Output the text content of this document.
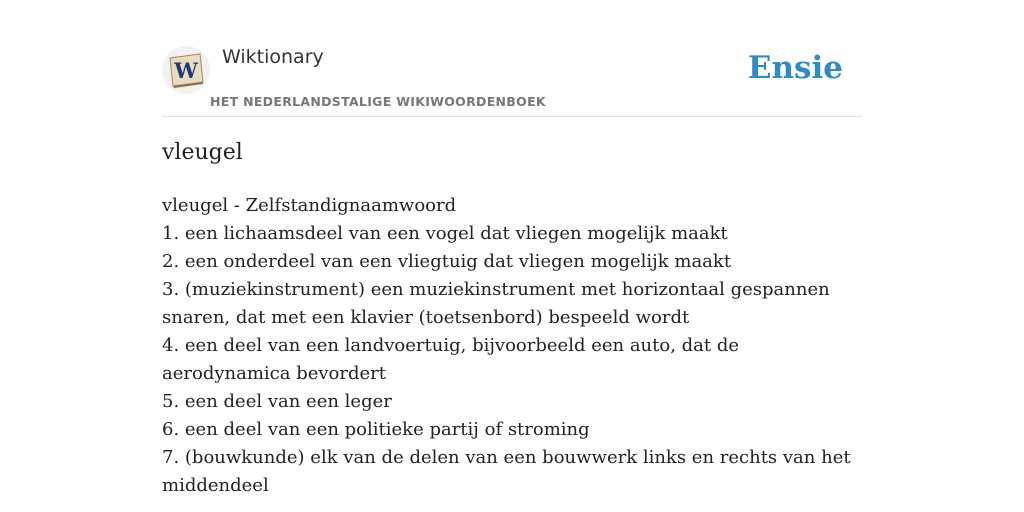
W
Wiktionary
HET NEDERLANDSTALIGE WIKIWOORDENBOEK
Ensie
vleugel
vleugel - Zelfstandignaamwoord
1. een lichaamsdeel van een vogel dat vliegen mogelijk maakt
2. een onderdeel van een vliegtuig dat vliegen mogelijk maakt
3. (muziekinstrument) een muziekinstrument met horizontaal gespannen snaren, dat met een klavier (toetsenbord) bespeeld wordt
4. een deel van een landvoertuig, bijvoorbeeld een auto, dat de aerodynamica bevordert
5. een deel van een leger
6. een deel van een politieke partij of stroming
7. (bouwkunde) elk van de delen van een bouwwerk links en rechts van het middendeel
